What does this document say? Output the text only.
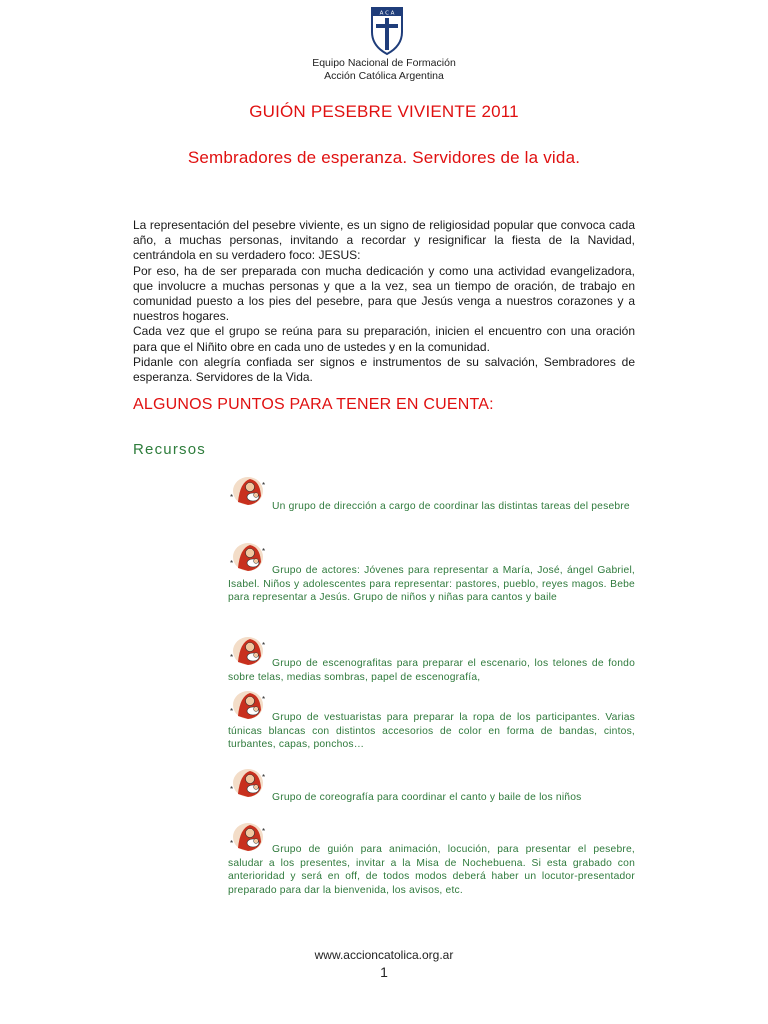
A C A
Equipo Nacional de Formación
Acción Católica Argentina
GUIÓN PESEBRE VIVIENTE 2011
Sembradores de esperanza. Servidores de la vida.

La representación del pesebre viviente, es un signo de religiosidad popular que convoca cada año, a muchas personas, invitando a recordar y resignificar la fiesta de la Navidad, centrándola en su verdadero foco: JESUS:

Por eso, ha de ser preparada con mucha dedicación y como una actividad evangelizadora, que involucre a muchas personas y que a la vez, sea un tiempo de oración, de trabajo en comunidad puesto a los pies del pesebre, para que Jesús venga a nuestros corazones y a nuestros hogares.

Cada vez que el grupo se reúna para su preparación, inicien el encuentro con una oración para que el Niñito obre en cada uno de ustedes y en la comunidad.

Pidanle con alegría confiada ser signos e instrumentos de su salvación, Sembradores de esperanza. Servidores de la Vida.

ALGUNOS PUNTOS PARA TENER EN CUENTA:
Recursos
*
*
Un grupo de dirección a cargo de coordinar las distintas tareas del pesebre
*
*
Grupo de actores: Jóvenes para representar a María, José, ángel Gabriel, Isabel. Niños y adolescentes para representar: pastores, pueblo, reyes magos. Bebe para representar a Jesús. Grupo de niños y niñas para cantos y baile
*
*
Grupo de escenografitas para preparar el escenario, los telones de fondo sobre telas, medias sombras, papel de escenografía,
*
*
Grupo de vestuaristas para preparar la ropa de los participantes. Varias túnicas blancas con distintos accesorios de color en forma de bandas, cintos, turbantes, capas, ponchos…
*
*
Grupo de coreografía para coordinar el canto y baile de los niños
*
*
Grupo de guión para animación, locución, para presentar el pesebre, saludar a los presentes, invitar a la Misa de Nochebuena. Si esta grabado con anterioridad y será en off, de todos modos deberá haber un locutor-presentador preparado para dar la bienvenida, los avisos, etc.
www.accioncatolica.org.ar
1
